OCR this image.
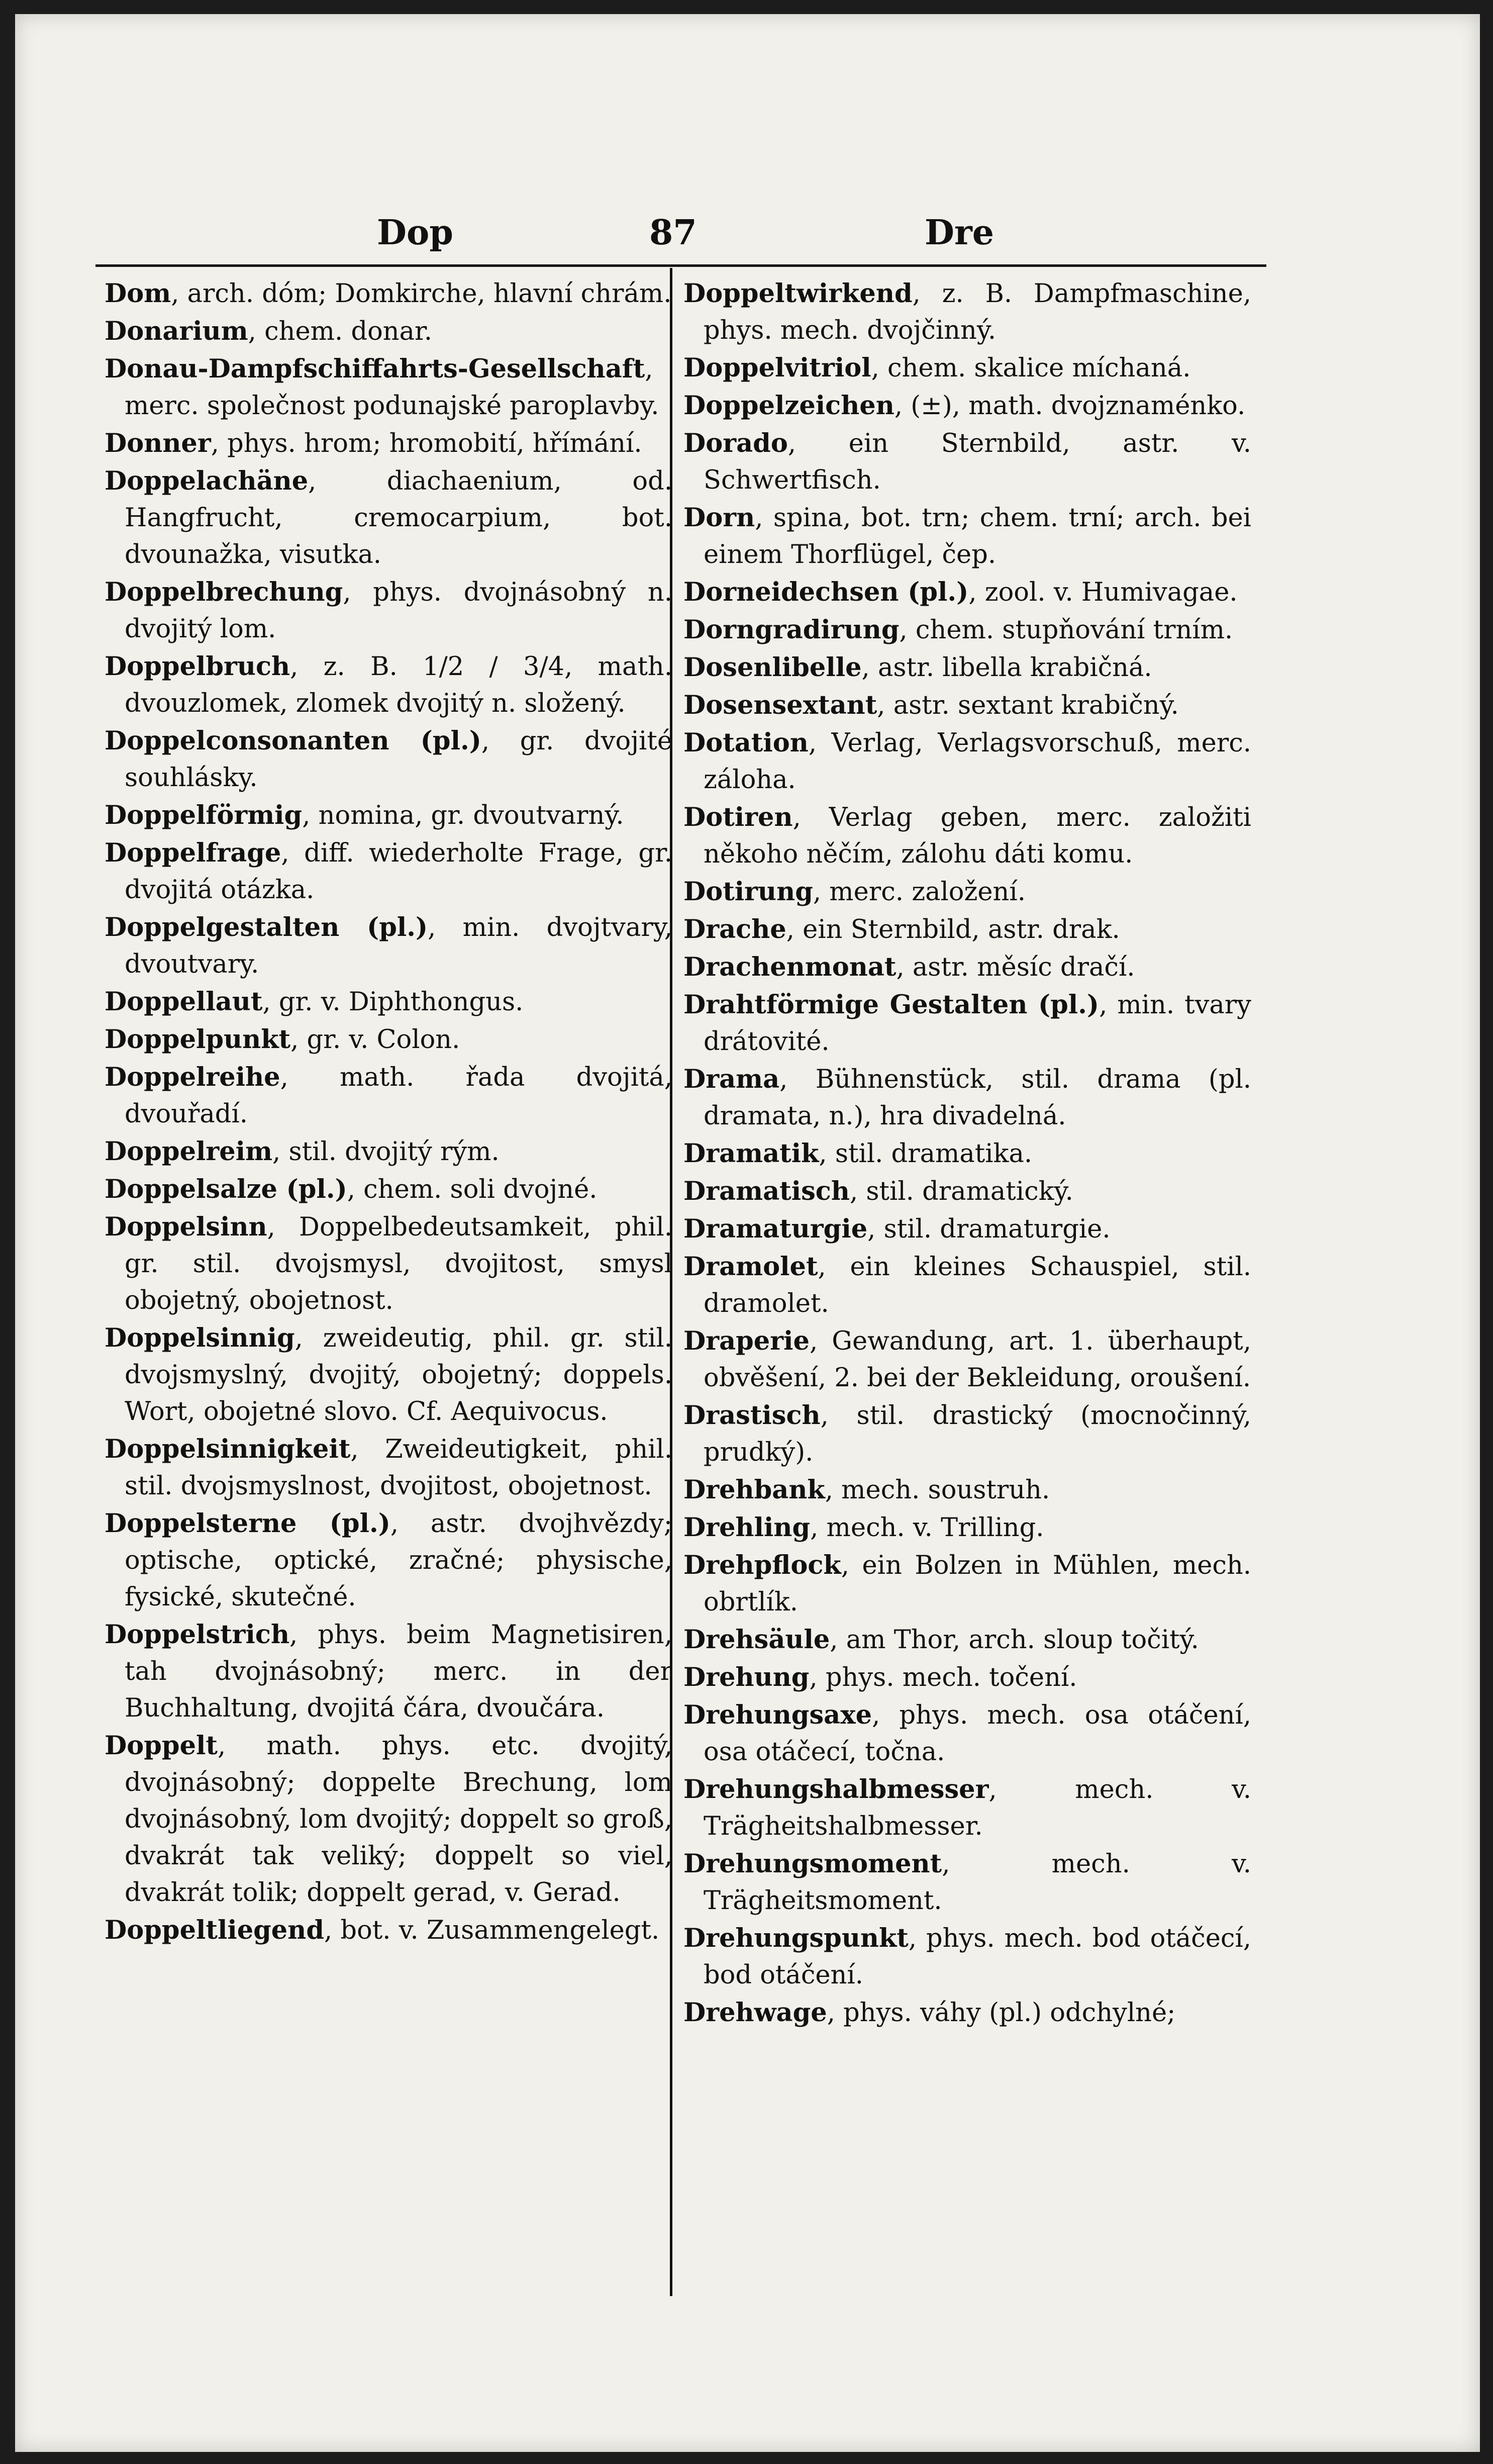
Dop	87	Dre

Dom, arch. dóm; Domkirche, hlavní chrám.

Donarium, chem. donar.

Donau-Dampfschiffahrts-Gesellschaft, merc. společnost podunajské paroplavby.

Donner, phys. hrom; hromobití, hřímání.

Doppelachäne, diachaenium, od. Hangfrucht, cremocarpium, bot. dvounažka, visutka.

Doppelbrechung, phys. dvojnásobný n. dvojitý lom.

Doppelbruch, z. B. 1/2 / 3/4, math. dvouzlomek, zlomek dvojitý n. složený.

Doppelconsonanten (pl.), gr. dvojité souhlásky.

Doppelförmig, nomina, gr. dvoutvarný.

Doppelfrage, diff. wiederholte Frage, gr. dvojitá otázka.

Doppelgestalten (pl.), min. dvojtvary, dvoutvary.

Doppellaut, gr. v. Diphthongus.

Doppelpunkt, gr. v. Colon.

Doppelreihe, math. řada dvojitá, dvouřadí.

Doppelreim, stil. dvojitý rým.

Doppelsalze (pl.), chem. soli dvojné.

Doppelsinn, Doppelbedeutsamkeit, phil. gr. stil. dvojsmysl, dvojitost, smysl obojetný, obojetnost.

Doppelsinnig, zweideutig, phil. gr. stil. dvojsmyslný, dvojitý, obojetný; doppels. Wort, obojetné slovo. Cf. Aequivocus.

Doppelsinnigkeit, Zweideutigkeit, phil. stil. dvojsmyslnost, dvojitost, obojetnost.

Doppelsterne (pl.), astr. dvojhvězdy; optische, optické, zračné; physische, fysické, skutečné.

Doppelstrich, phys. beim Magnetisiren, tah dvojnásobný; merc. in der Buchhaltung, dvojitá čára, dvoučára.

Doppelt, math. phys. etc. dvojitý, dvojnásobný; doppelte Brechung, lom dvojnásobný, lom dvojitý; doppelt so groß, dvakrát tak veliký; doppelt so viel, dvakrát tolik; doppelt gerad, v. Gerad.

Doppeltliegend, bot. v. Zusammengelegt.

Doppeltwirkend, z. B. Dampfmaschine, phys. mech. dvojčinný.

Doppelvitriol, chem. skalice míchaná.

Doppelzeichen, (±), math. dvojznaménko.

Dorado, ein Sternbild, astr. v. Schwertfisch.

Dorn, spina, bot. trn; chem. trní; arch. bei einem Thorflügel, čep.

Dorneidechsen (pl.), zool. v. Humivagae.

Dorngradirung, chem. stupňování trním.

Dosenlibelle, astr. libella krabičná.

Dosensextant, astr. sextant krabičný.

Dotation, Verlag, Verlagsvorschuß, merc. záloha.

Dotiren, Verlag geben, merc. založiti někoho něčím, zálohu dáti komu.

Dotirung, merc. založení.

Drache, ein Sternbild, astr. drak.

Drachenmonat, astr. měsíc dračí.

Drahtförmige Gestalten (pl.), min. tvary drátovité.

Drama, Bühnenstück, stil. drama (pl. dramata, n.), hra divadelná.

Dramatik, stil. dramatika.

Dramatisch, stil. dramatický.

Dramaturgie, stil. dramaturgie.

Dramolet, ein kleines Schauspiel, stil. dramolet.

Draperie, Gewandung, art. 1. überhaupt, obvěšení, 2. bei der Bekleidung, oroušení.

Drastisch, stil. drastický (mocnočinný, prudký).

Drehbank, mech. soustruh.

Drehling, mech. v. Trilling.

Drehpflock, ein Bolzen in Mühlen, mech. obrtlík.

Drehsäule, am Thor, arch. sloup točitý.

Drehung, phys. mech. točení.

Drehungsaxe, phys. mech. osa otáčení, osa otáčecí, točna.

Drehungshalbmesser, mech. v. Trägheitshalbmesser.

Drehungsmoment, mech. v. Trägheitsmoment.

Drehungspunkt, phys. mech. bod otáčecí, bod otáčení.

Drehwage, phys. váhy (pl.) odchylné;
